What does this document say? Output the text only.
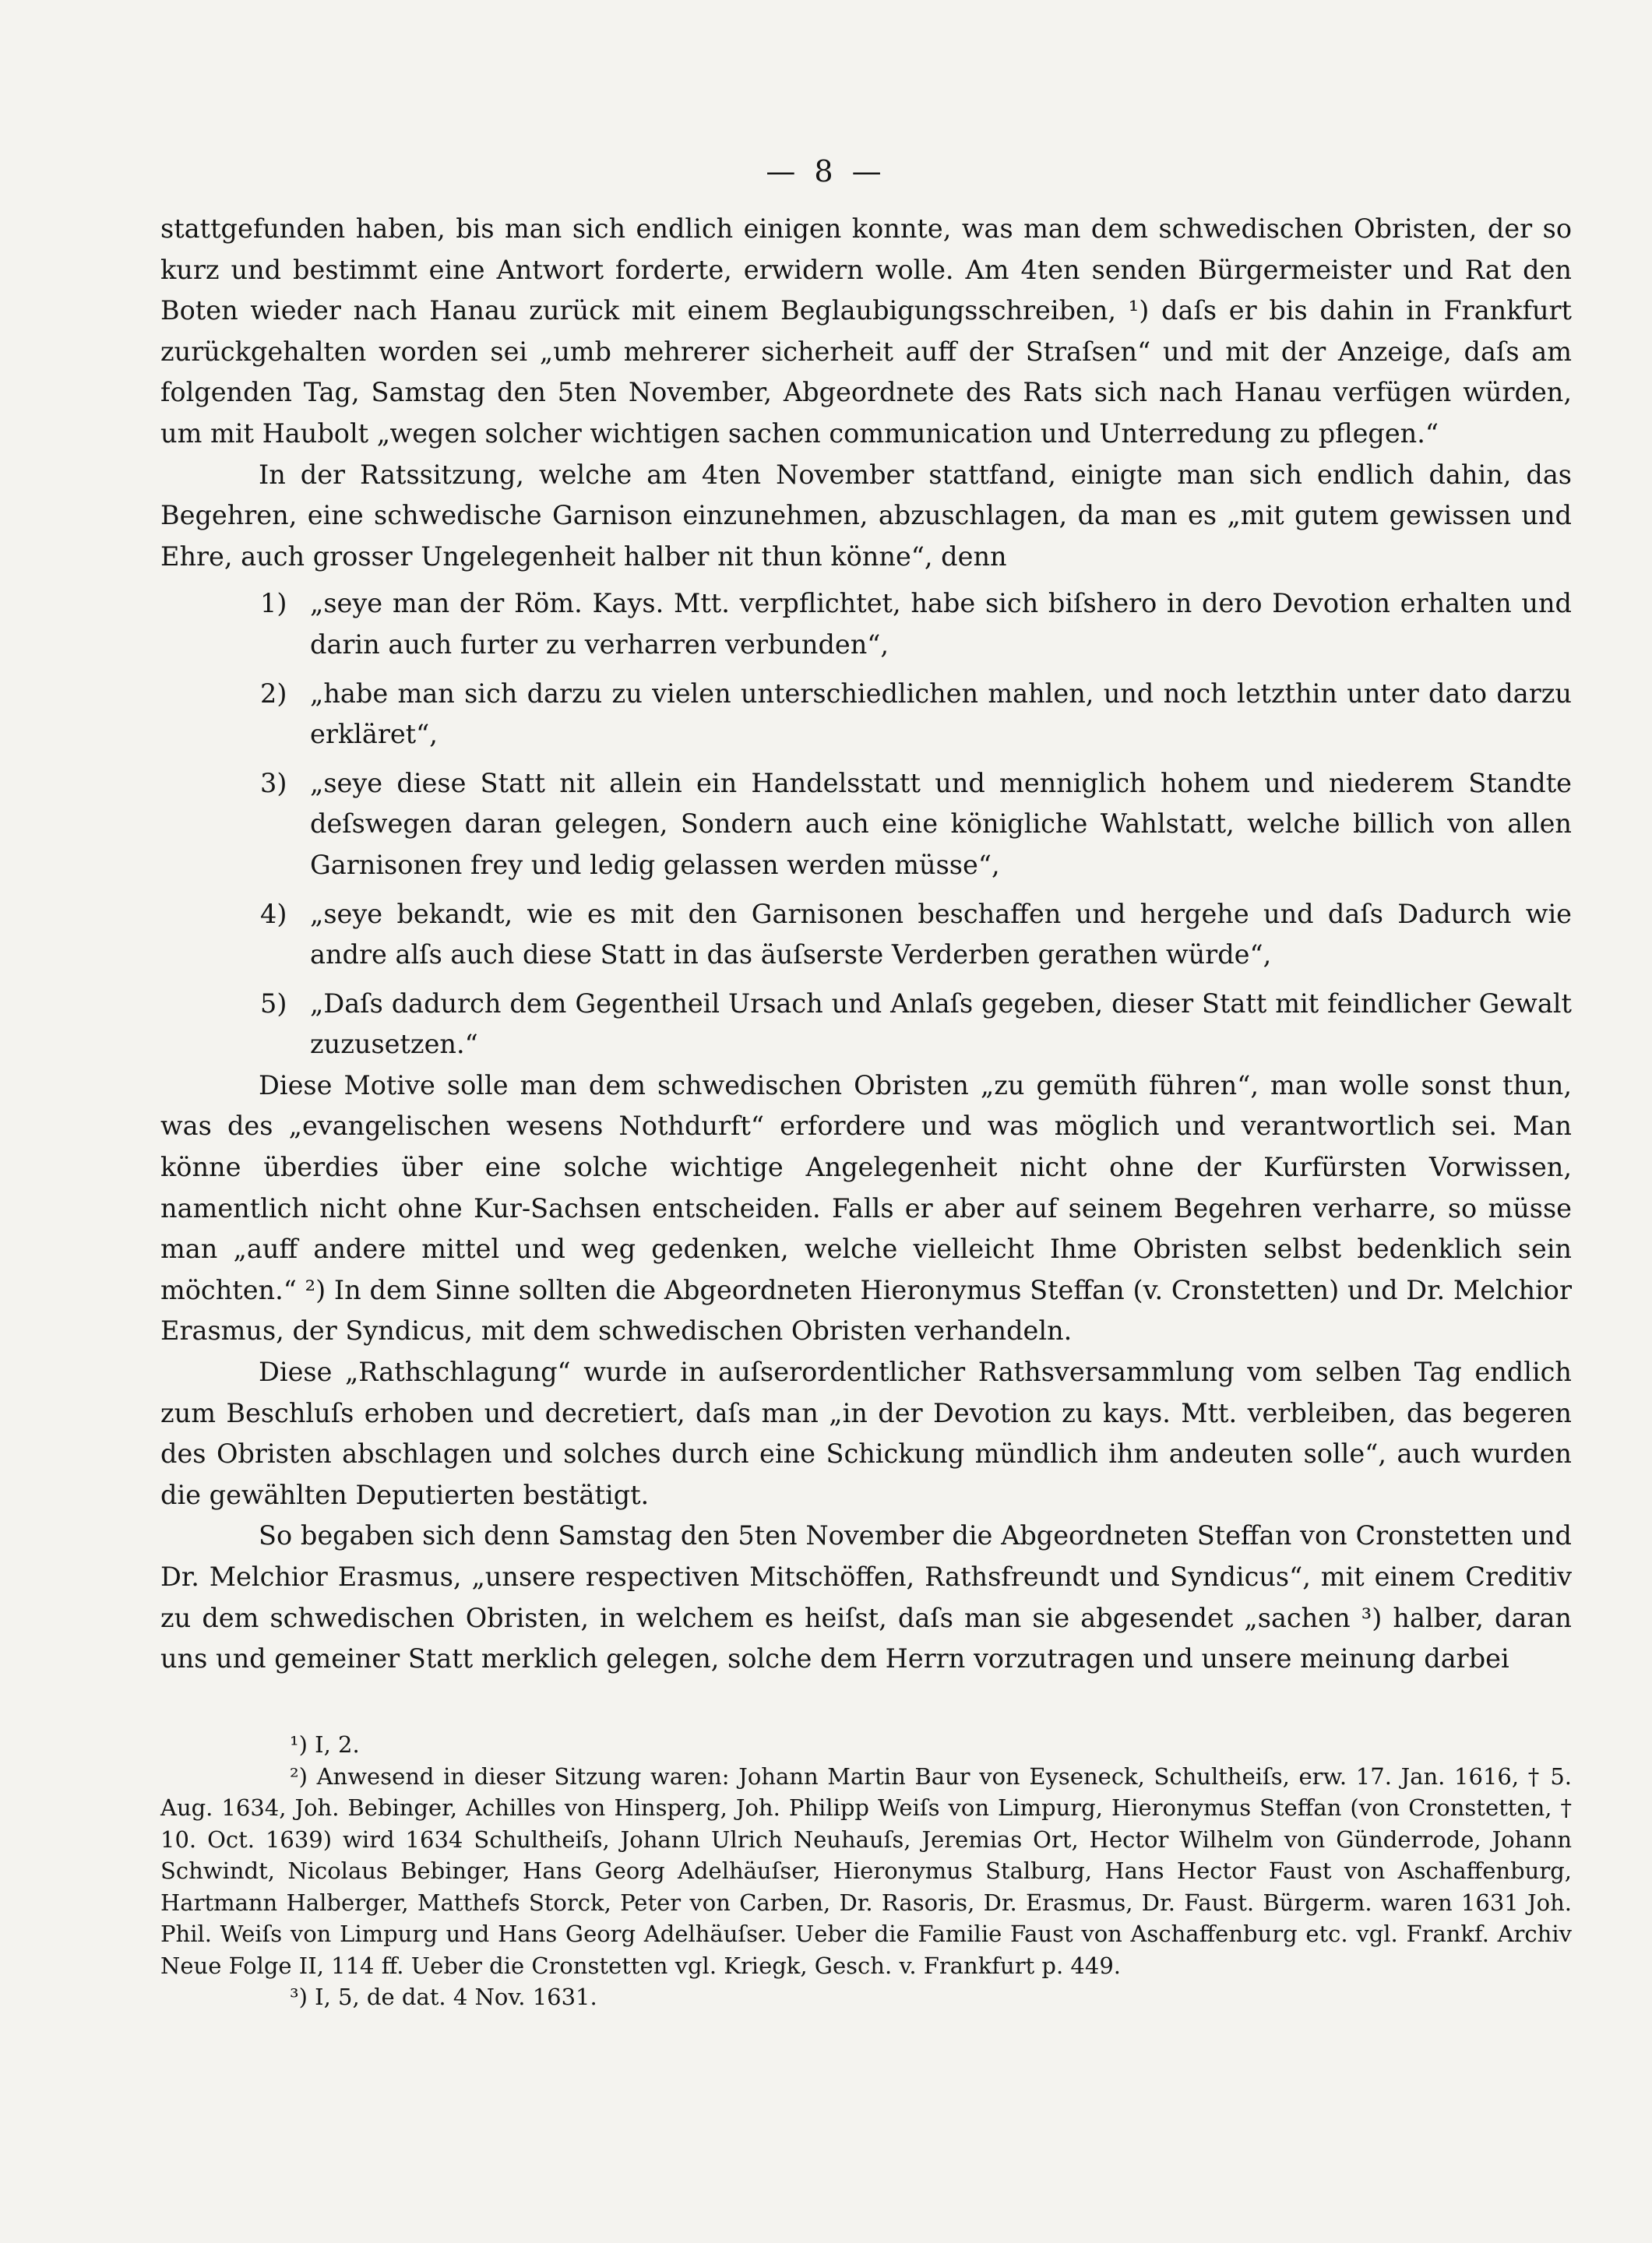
— 8 —

stattgefunden haben, bis man sich endlich einigen konnte, was man dem schwedischen Obristen, der so kurz und bestimmt eine Antwort forderte, erwidern wolle. Am 4ten senden Bürgermeister und Rat den Boten wieder nach Hanau zurück mit einem Beglaubigungsschreiben, ¹) daſs er bis dahin in Frankfurt zurückgehalten worden sei „umb mehrerer sicherheit auff der Straſsen“ und mit der Anzeige, daſs am folgenden Tag, Samstag den 5ten November, Abgeordnete des Rats sich nach Hanau verfügen würden, um mit Haubolt „wegen solcher wichtigen sachen communication und Unterredung zu pflegen.“

In der Ratssitzung, welche am 4ten November stattfand, einigte man sich endlich dahin, das Begehren, eine schwedische Garnison einzunehmen, abzuschlagen, da man es „mit gutem gewissen und Ehre, auch grosser Ungelegenheit halber nit thun könne“, denn

1) „seye man der Röm. Kays. Mtt. verpflichtet, habe sich biſshero in dero Devotion erhalten und darin auch furter zu verharren verbunden“,

2) „habe man sich darzu zu vielen unterschiedlichen mahlen, und noch letzthin unter dato darzu erkläret“,

3) „seye diese Statt nit allein ein Handelsstatt und menniglich hohem und niederem Standte deſswegen daran gelegen, Sondern auch eine königliche Wahlstatt, welche billich von allen Garnisonen frey und ledig gelassen werden müsse“,

4) „seye bekandt, wie es mit den Garnisonen beschaffen und hergehe und daſs Dadurch wie andre alſs auch diese Statt in das äuſserste Verderben gerathen würde“,

5) „Daſs dadurch dem Gegentheil Ursach und Anlaſs gegeben, dieser Statt mit feindlicher Gewalt zuzusetzen.“

Diese Motive solle man dem schwedischen Obristen „zu gemüth führen“, man wolle sonst thun, was des „evangelischen wesens Nothdurft“ erfordere und was möglich und verantwortlich sei. Man könne überdies über eine solche wichtige Angelegenheit nicht ohne der Kurfürsten Vorwissen, namentlich nicht ohne Kur-Sachsen entscheiden. Falls er aber auf seinem Begehren verharre, so müsse man „auff andere mittel und weg gedenken, welche vielleicht Ihme Obristen selbst bedenklich sein möchten.“ ²) In dem Sinne sollten die Abgeordneten Hieronymus Steffan (v. Cronstetten) und Dr. Melchior Erasmus, der Syndicus, mit dem schwedischen Obristen verhandeln.

Diese „Rathschlagung“ wurde in auſserordentlicher Rathsversammlung vom selben Tag endlich zum Beschluſs erhoben und decretiert, daſs man „in der Devotion zu kays. Mtt. verbleiben, das begeren des Obristen abschlagen und solches durch eine Schickung mündlich ihm andeuten solle“, auch wurden die gewählten Deputierten bestätigt.

So begaben sich denn Samstag den 5ten November die Abgeordneten Steffan von Cronstetten und Dr. Melchior Erasmus, „unsere respectiven Mitschöffen, Rathsfreundt und Syndicus“, mit einem Creditiv zu dem schwedischen Obristen, in welchem es heiſst, daſs man sie abgesendet „sachen ³) halber, daran uns und gemeiner Statt merklich gelegen, solche dem Herrn vorzutragen und unsere meinung darbei

¹) I, 2.

²) Anwesend in dieser Sitzung waren: Johann Martin Baur von Eyseneck, Schultheiſs, erw. 17. Jan. 1616, † 5. Aug. 1634, Joh. Bebinger, Achilles von Hinsperg, Joh. Philipp Weiſs von Limpurg, Hieronymus Steffan (von Cronstetten, † 10. Oct. 1639) wird 1634 Schultheiſs, Johann Ulrich Neuhauſs, Jeremias Ort, Hector Wilhelm von Günderrode, Johann Schwindt, Nicolaus Bebinger, Hans Georg Adelhäuſser, Hieronymus Stalburg, Hans Hector Faust von Aschaffenburg, Hartmann Halberger, Matthefs Storck, Peter von Carben, Dr. Rasoris, Dr. Erasmus, Dr. Faust. Bürgerm. waren 1631 Joh. Phil. Weiſs von Limpurg und Hans Georg Adelhäuſser. Ueber die Familie Faust von Aschaffenburg etc. vgl. Frankf. Archiv Neue Folge II, 114 ff. Ueber die Cronstetten vgl. Kriegk, Gesch. v. Frankfurt p. 449.

³) I, 5, de dat. 4 Nov. 1631.
